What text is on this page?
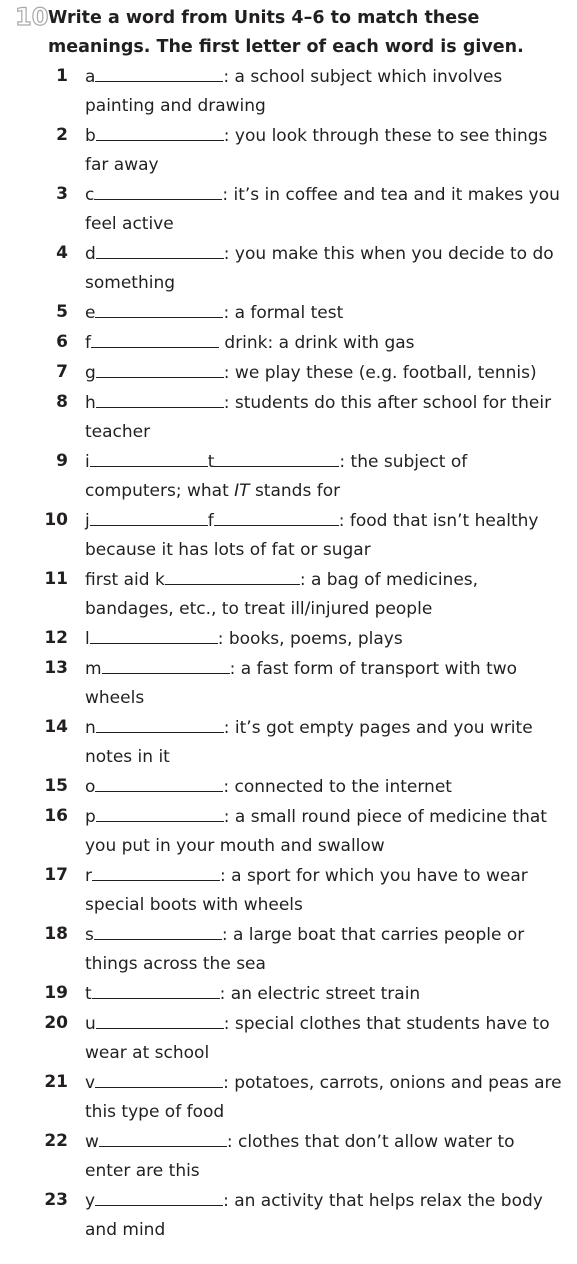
10 Write a word from Units 4–6 to match these meanings. The first letter of each word is given.
1 a	: a school subject which involves painting and drawing
2 b	: you look through these to see things far away
3 c	: it’s in coffee and tea and it makes you feel active
4 d	: you make this when you decide to do something
5 e	: a formal test
6 f	drink: a drink with gas
7 g	: we play these (e.g. football, tennis)
8 h	: students do this after school for their teacher
9 i	t	: the subject of computers; what IT stands for
10 j	f	: food that isn’t healthy because it has lots of fat or sugar
11 first aid k	: a bag of medicines, bandages, etc., to treat ill/injured people
12 l	: books, poems, plays
13 m	: a fast form of transport with two wheels
14 n	: it’s got empty pages and you write notes in it
15 o	: connected to the internet
16 p	: a small round piece of medicine that you put in your mouth and swallow
17 r	: a sport for which you have to wear special boots with wheels
18 s	: a large boat that carries people or things across the sea
19 t	: an electric street train
20 u	: special clothes that students have to wear at school
21 v	: potatoes, carrots, onions and peas are this type of food
22 w	: clothes that don’t allow water to enter are this
23 y	: an activity that helps relax the body and mind
